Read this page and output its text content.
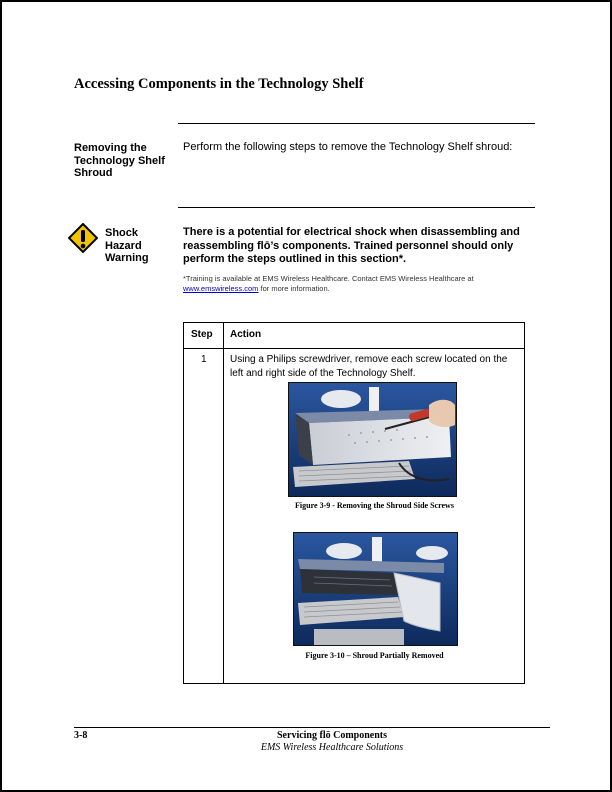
Accessing Components in the Technology Shelf
Removing the
Technology Shelf
Shroud
Perform the following steps to remove the Technology Shelf shroud:
Shock
Hazard
Warning
There is a potential for electrical shock when disassembling and reassembling flō’s components. Trained personnel should only perform the steps outlined in this section*.
*Training is available at EMS Wireless Healthcare. Contact EMS Wireless Healthcare at
www.emswireless.com for more information.
Step Action
1 Using a Philips screwdriver, remove each screw located on the
left and right side of the Technology Shelf.
Figure 3-9 - Removing the Shroud Side Screws
Figure 3-10 – Shroud Partially Removed
3-8	Servicing flō Components
EMS Wireless Healthcare Solutions
